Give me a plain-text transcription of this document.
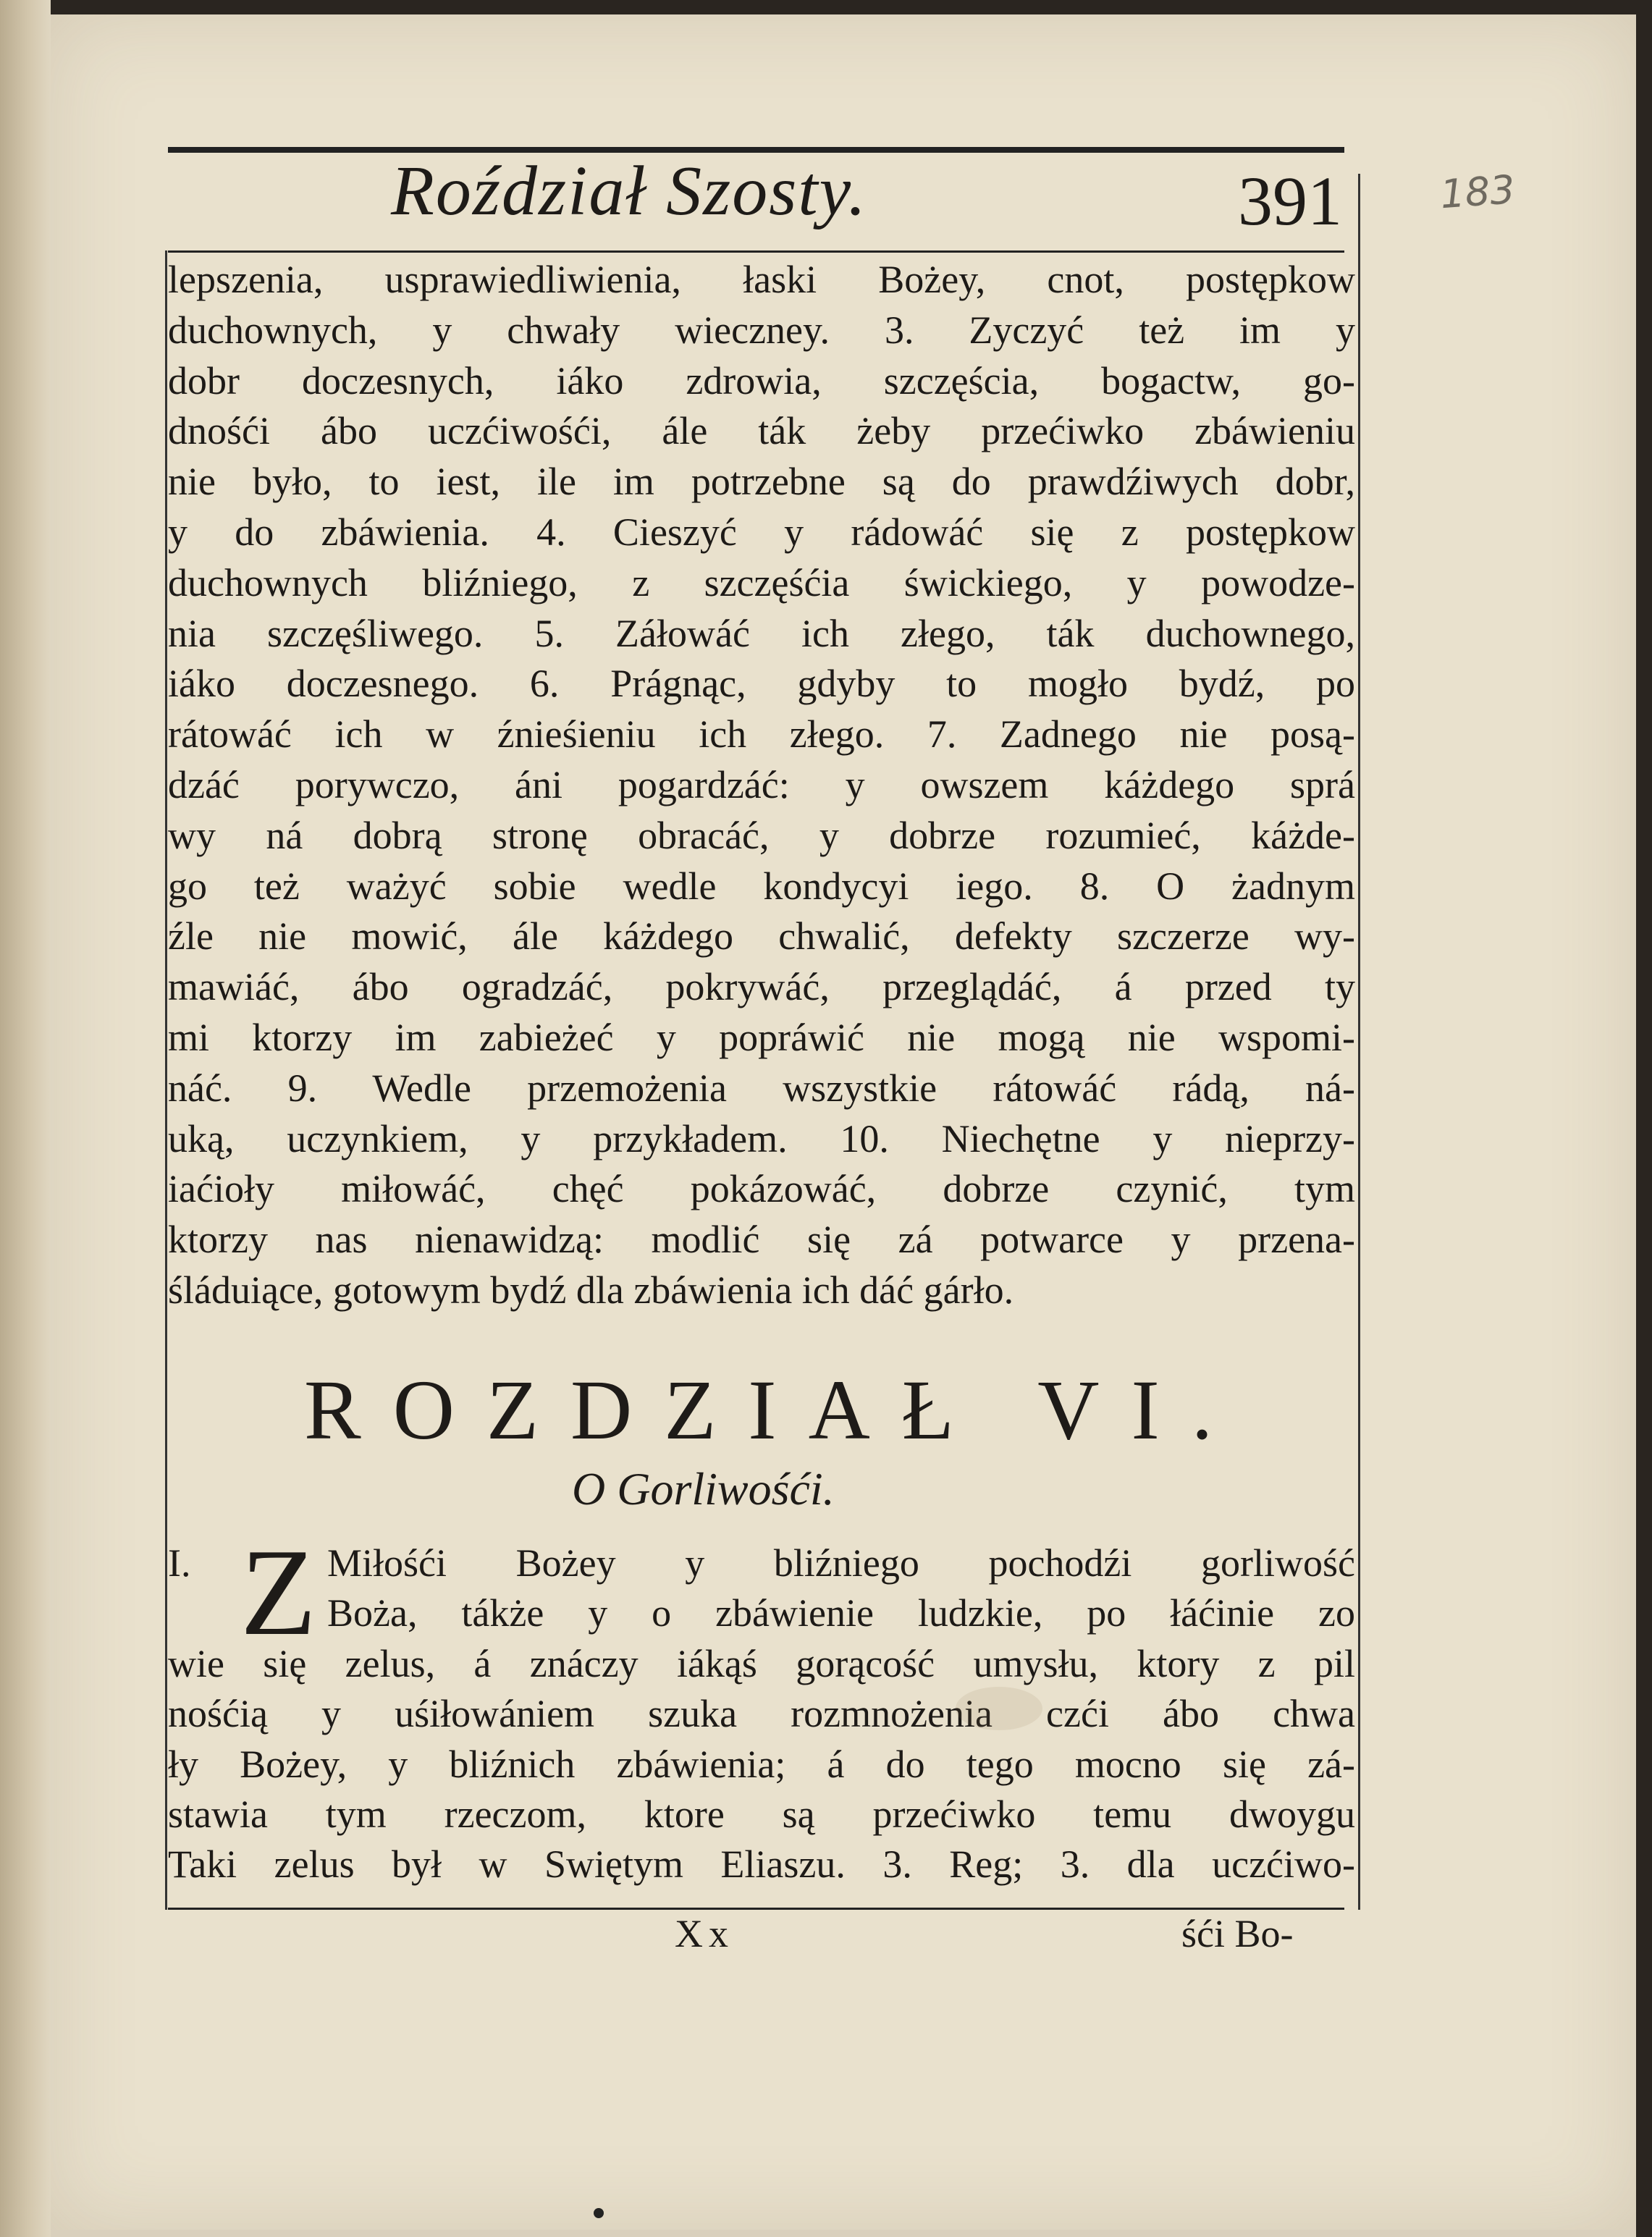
Roździał Szosty.	391 183
lepszenia, usprawiedliwienia, łaski Bożey, cnot, postępkow
duchownych, y chwały wieczney. 3. Zyczyć też im y
dobr doczesnych, iáko zdrowia, szczęścia, bogactw, go-
dnośći ábo uczćiwośći, ále ták żeby przećiwko zbáwieniu
nie było, to iest, ile im potrzebne są do prawdźiwych dobr,
y do zbáwienia. 4. Cieszyć y rádowáć się z postępkow
duchownych bliźniego, z szczęśćia świckiego, y powodze-
nia szczęśliwego. 5. Záłowáć ich złego, ták duchownego,
iáko doczesnego. 6. Prágnąc, gdyby to mogło bydź, po
rátowáć ich w źnieśieniu ich złego. 7. Zadnego nie posą-
dzáć porywczo, áni pogardzáć: y owszem káżdego sprá
wy ná dobrą stronę obracáć, y dobrze rozumieć, káżde-
go też ważyć sobie wedle kondycyi iego. 8. O żadnym
źle nie mowić, ále káżdego chwalić, defekty szczerze wy-
mawiáć, ábo ogradzáć, pokrywáć, przeglądáć, á przed ty
mi ktorzy im zabieżeć y popráwić nie mogą nie wspomi-
náć. 9. Wedle przemożenia wszystkie rátowáć rádą, ná-
uką, uczynkiem, y przykładem. 10. Niechętne y nieprzy-
iaćioły miłowáć, chęć pokázowáć, dobrze czynić, tym
ktorzy nas nienawidzą: modlić się zá potwarce y przena-
śláduiące, gotowym bydź dla zbáwienia ich dáć gárło.
ROZDZIAŁ VI.
O Gorliwośći.
I. Z Miłośći Bożey y bliźniego pochodźi gorliwość
Boża, tákże y o zbáwienie ludzkie, po łáćinie zo
wie się zelus, á znáczy iákąś gorącość umysłu, ktory z pil
nośćią y uśiłowániem szuka rozmnożenia czći ábo chwa
ły Bożey, y bliźnich zbáwienia; á do tego mocno się zá-
stawia tym rzeczom, ktore są przećiwko temu dwoygu
Taki zelus był w Swiętym Eliaszu. 3. Reg; 3. dla uczćiwo-
Xx	śći Bo-
